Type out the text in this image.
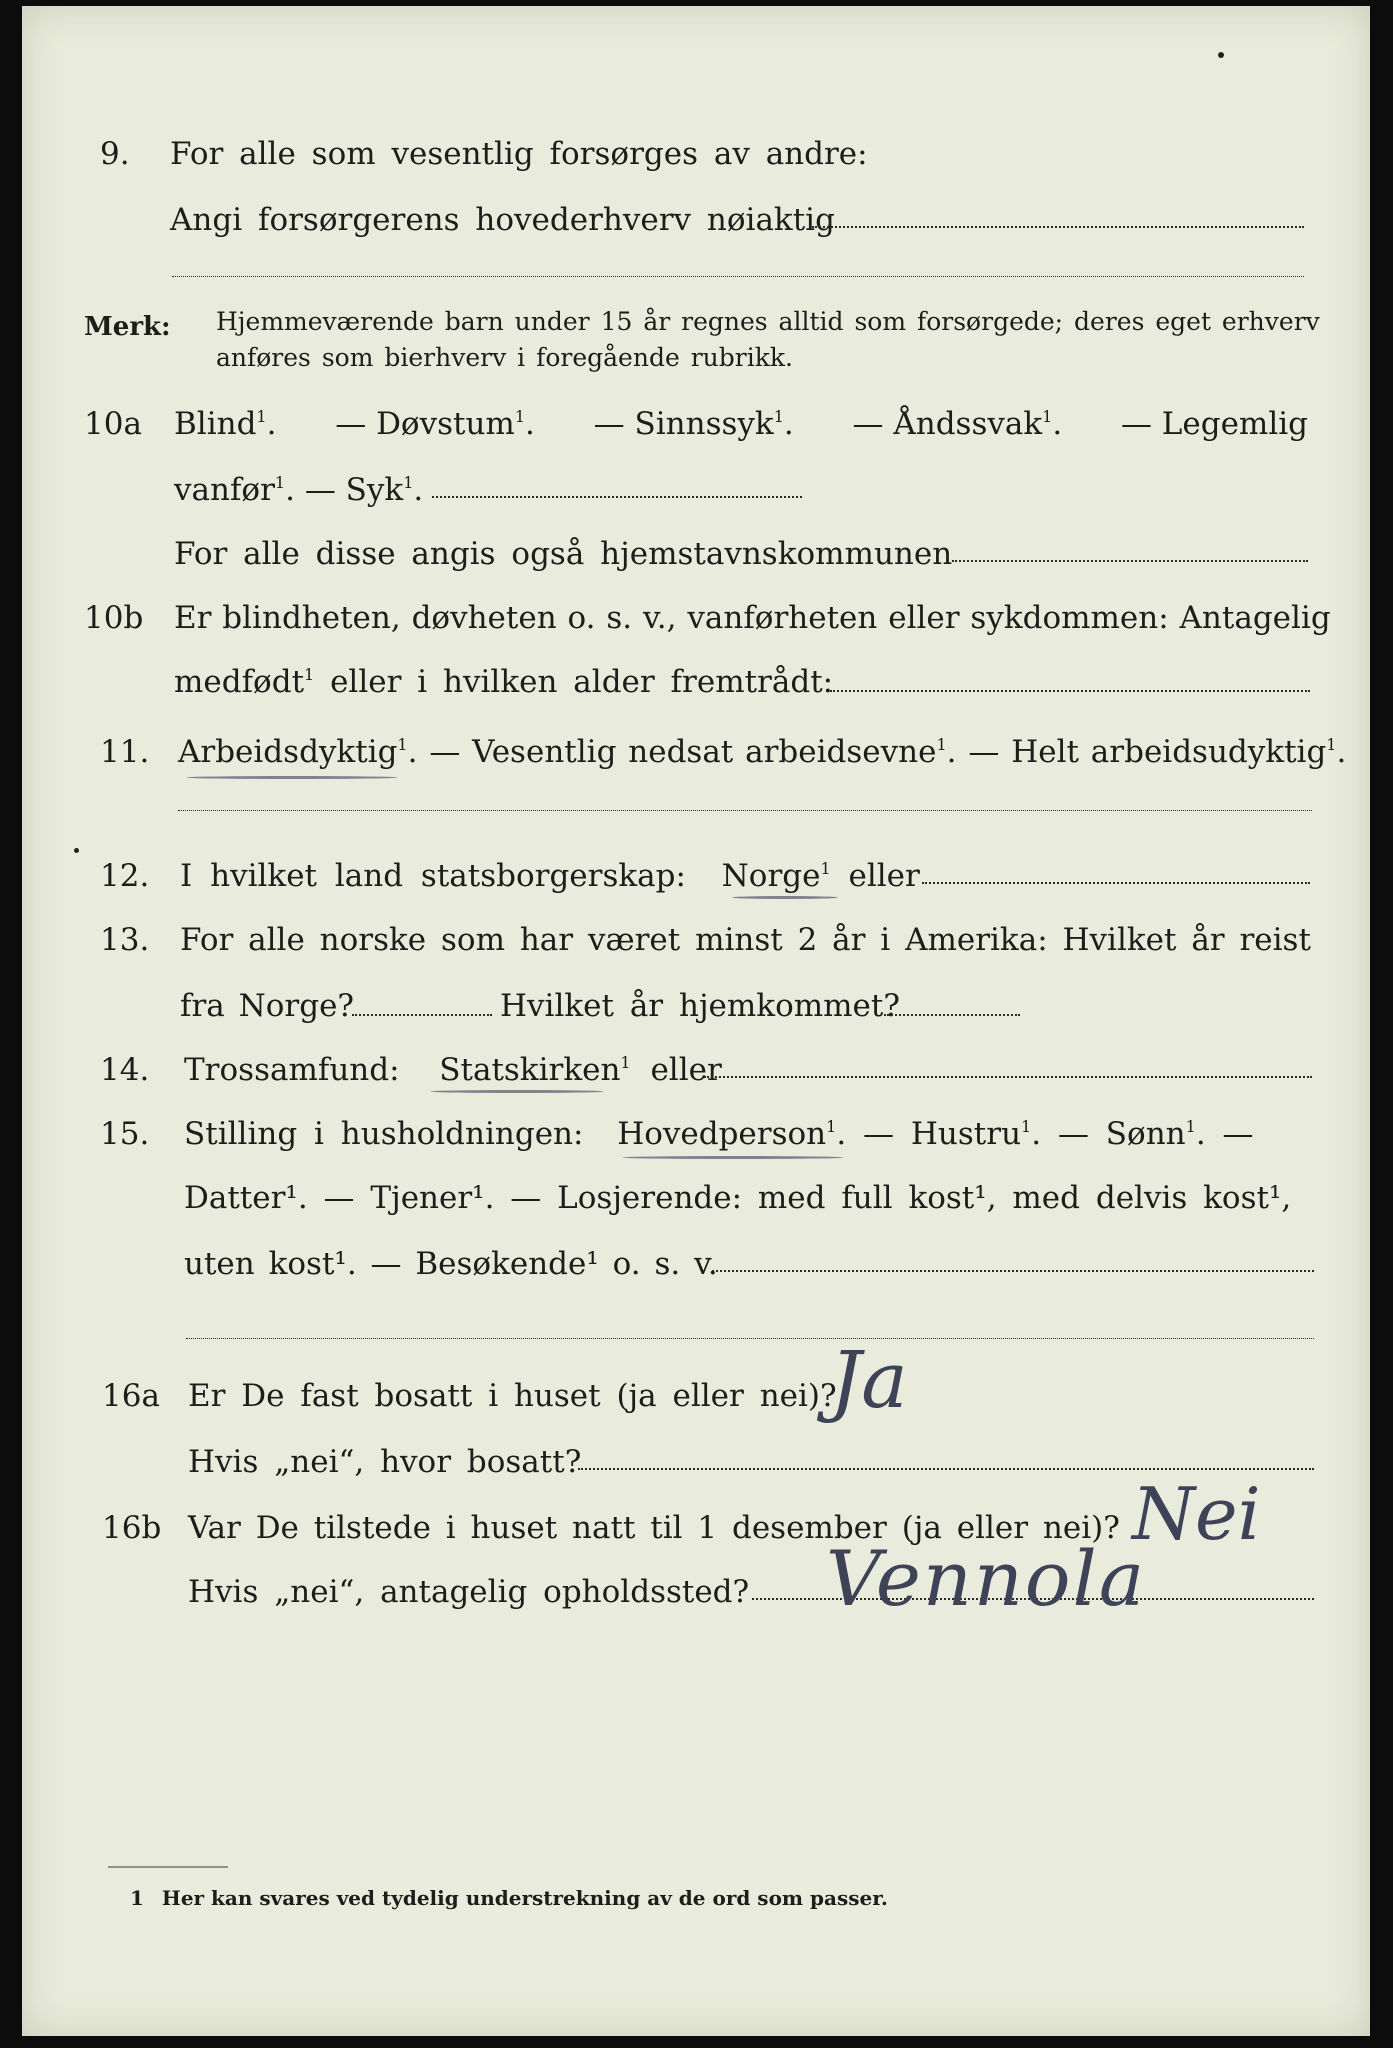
9. For alle som vesentlig forsørges av andre:
Angi forsørgerens hovederhverv nøiaktig
Merk: Hjemmeværende barn under 15 år regnes alltid som forsørgede; deres eget erhverv
anføres som bierhverv i foregående rubrikk.
10a Blind$^1$. — Døvstum$^1$. — Sinnssyk$^1$. — Åndssvak$^1$. — Legemlig
vanfør$^1$. — Syk$^1$.
For alle disse angis også hjemstavnskommunen
10b Er blindheten, døvheten o. s. v., vanførheten eller sykdommen: Antagelig
medfødt$^1$ eller i hvilken alder fremtrådt:
11. Arbeidsdyktig$^1$. — Vesentlig nedsat arbeidsevne$^1$. — Helt arbeidsudyktig$^1$.
12. I hvilket land statsborgerskap: Norge$^1$ eller
13. For alle norske som har været minst 2 år i Amerika: Hvilket år reist
fra Norge?	Hvilket år hjemkommet?
14. Trossamfund: Statskirken$^1$ eller
15. Stilling i husholdningen: Hovedperson$^1$. — Hustru$^1$. — Sønn$^1$. —
Datter¹. — Tjener¹. — Losjerende: med full kost¹, med delvis kost¹,
uten kost¹. — Besøkende¹ o. s. v.
16a Er De fast bosatt i huset (ja eller nei)?
Ja
Hvis „nei“, hvor bosatt?
16b Var De tilstede i huset natt til 1 desember (ja eller nei)? Nei
Hvis „nei“, antagelig opholdssted? Vennola
1 Her kan svares ved tydelig understrekning av de ord som passer.
